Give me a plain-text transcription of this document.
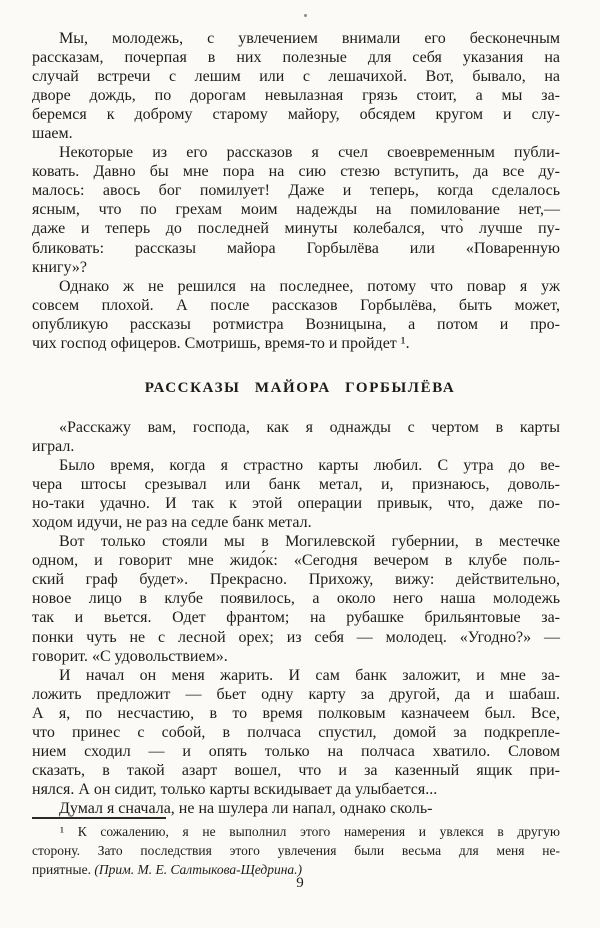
Мы, молодежь, с увлечением внимали его бесконечным
рассказам, почерпая в них полезные для себя указания на
случай встречи с лешим или с лешачихой. Вот, бывало, на
дворе дождь, по дорогам невылазная грязь стоит, а мы за-
беремся к доброму старому майору, обсядем кругом и слу-
шаем.
Некоторые из его рассказов я счел своевременным публи-
ковать. Давно бы мне пора на сию стезю вступить, да все ду-
малось: авось бог помилует! Даже и теперь, когда сделалось
ясным, что по грехам моим надежды на помилование нет,—
даже и теперь до последней минуты колебался, что̀ лучше пу-
бликовать: рассказы майора Горбылёва или «Поваренную
книгу»?
Однако ж не решился на последнее, потому что повар я уж
совсем плохой. А после рассказов Горбылёва, быть может,
опубликую рассказы ротмистра Возницына, а потом и про-
чих господ офицеров. Смотришь, время-то и пройдет ¹.
РАССКАЗЫ МАЙОРА ГОРБЫЛЁВА
«Расскажу вам, господа, как я однажды с чертом в карты
играл.
Было время, когда я страстно карты любил. С утра до ве-
чера штосы срезывал или банк метал, и, признаюсь, доволь-
но-таки удачно. И так к этой операции привык, что, даже по-
ходом идучи, не раз на седле банк метал.
Вот только стояли мы в Могилевской губернии, в местечке
одном, и говорит мне жидо́к: «Сегодня вечером в клубе поль-
ский граф будет». Прекрасно. Прихожу, вижу: действительно,
новое лицо в клубе появилось, а около него наша молодежь
так и вьется. Одет франтом; на рубашке брильянтовые за-
понки чуть не с лесной орех; из себя — молодец. «Угодно?» —
говорит. «С удовольствием».
И начал он меня жарить. И сам банк заложит, и мне за-
ложить предложит — бьет одну карту за другой, да и шабаш.
А я, по несчастию, в то время полковым казначеем был. Все,
что принес с собой, в полчаса спустил, домой за подкрепле-
нием сходил — и опять только на полчаса хватило. Словом
сказать, в такой азарт вошел, что и за казенный ящик при-
нялся. А он сидит, только карты вскидывает да улыбается...
Думал я сначала, не на шулера ли напал, однако сколь-
¹ К сожалению, я не выполнил этого намерения и увлекся в другую
сторону. Зато последствия этого увлечения были весьма для меня не-
приятные. (Прим. М. Е. Салтыкова-Щедрина.)
9
